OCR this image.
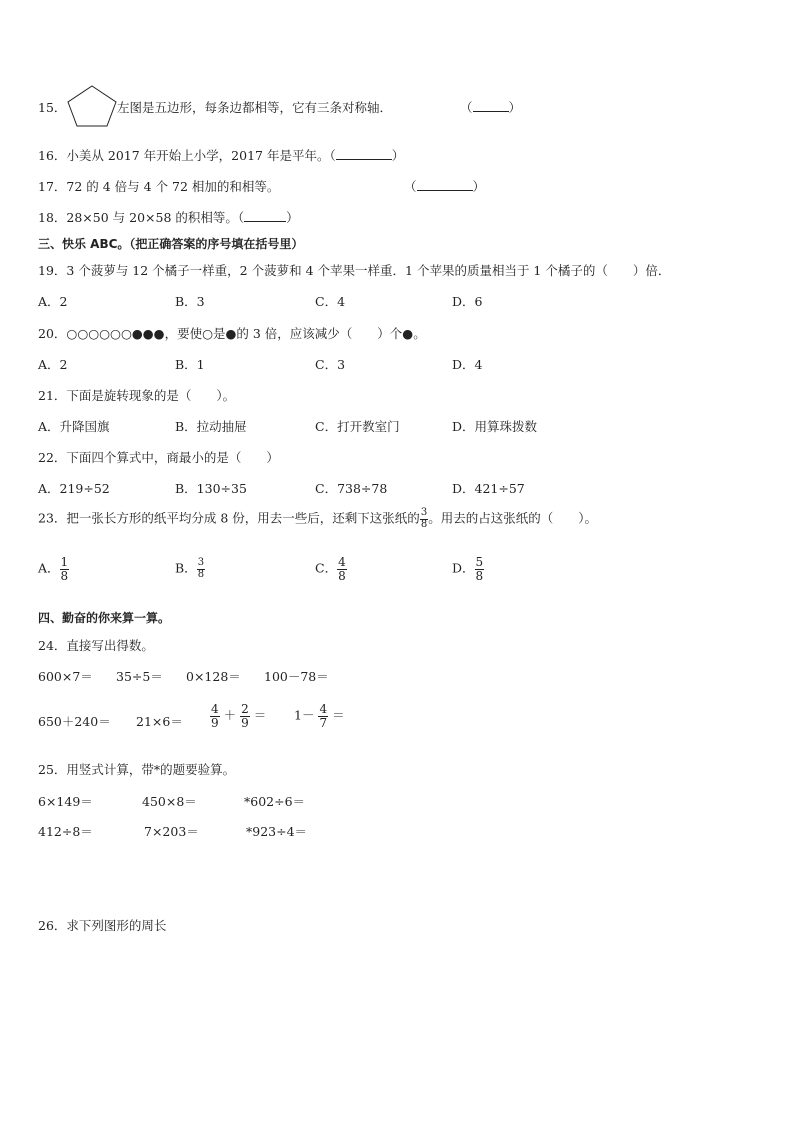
15．	左图是五边形，每条边都相等，它有三条对称轴．	（	）
16．小美从 2017 年开始上小学，2017 年是平年。（	）
17．72 的 4 倍与 4 个 72 相加的和相等。	（	）
18．28×50 与 20×58 的积相等。（	）
三、快乐 ABC。（把正确答案的序号填在括号里）
19．3 个菠萝与 12 个橘子一样重，2 个菠萝和 4 个苹果一样重．1 个苹果的质量相当于 1 个橘子的（　　）倍．
A．2	B．3	C．4	D．6
20．○○○○○○●●●，要使○是●的 3 倍，应该减少（　　）个●。
A．2	B．1	C．3	D．4
21．下面是旋转现象的是（　　）。
A．升降国旗	B．拉动抽屉	C．打开教室门	D．用算珠拨数
22．下面四个算式中，商最小的是（　　）
A．219÷52	B．130÷35	C．738÷78	D．421÷57
23．把一张长方形的纸平均分成 8 份，用去一些后，还剩下这张纸的 $\frac{3}{8}$ 。用去的占这张纸的（　　）。
A． $\frac{1}{8}$	B． $\frac{3}{8}$	C． $\frac{4}{8}$	D． $\frac{5}{8}$
四、勤奋的你来算一算。
24．直接写出得数。
600×7＝ 35÷5＝ 0×128＝ 100－78＝
$650+240= 21\times 6= \frac{4}{9} + \frac{2}{9} = 1- \frac{4}{7}$ ＝
25．用竖式计算，带*的题要验算。
6×149＝	450×8＝	*602÷6＝
412÷8＝	7×203＝	*923÷4＝
26．求下列图形的周长
